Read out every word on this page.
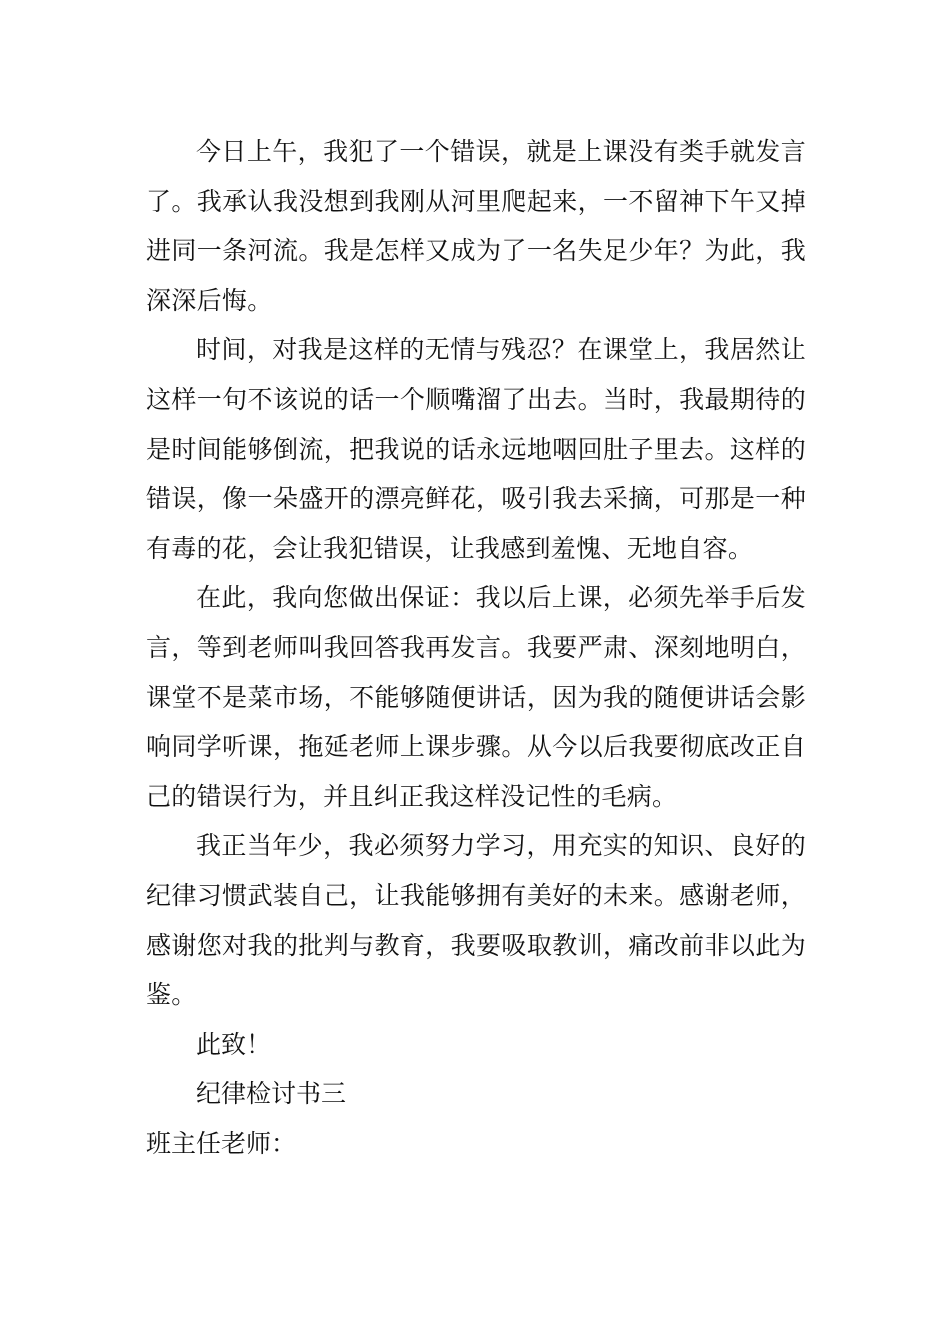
今日上午，我犯了一个错误，就是上课没有类手就发言了。我承认我没想到我刚从河里爬起来，一不留神下午又掉进同一条河流。我是怎样又成为了一名失足少年？为此，我深深后悔。

时间，对我是这样的无情与残忍？在课堂上，我居然让这样一句不该说的话一个顺嘴溜了出去。当时，我最期待的是时间能够倒流，把我说的话永远地咽回肚子里去。这样的错误，像一朵盛开的漂亮鲜花，吸引我去采摘，可那是一种有毒的花，会让我犯错误，让我感到羞愧、无地自容。

在此，我向您做出保证：我以后上课，必须先举手后发言，等到老师叫我回答我再发言。我要严肃、深刻地明白，课堂不是菜市场，不能够随便讲话，因为我的随便讲话会影响同学听课，拖延老师上课步骤。从今以后我要彻底改正自己的错误行为，并且纠正我这样没记性的毛病。

我正当年少，我必须努力学习，用充实的知识、良好的纪律习惯武装自己，让我能够拥有美好的未来。感谢老师，感谢您对我的批判与教育，我要吸取教训，痛改前非以此为鉴。

此致！

纪律检讨书三

班主任老师：
